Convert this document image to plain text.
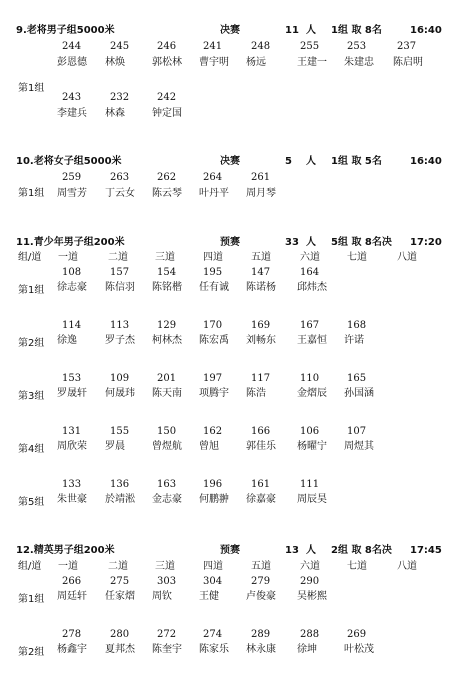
9.老将男子组5000米	决赛	11 人 1组 取 8名	16:40
244	245	246	241	248	255	253	237
彭恩德 林焕	郭松林 曹宇明 杨远	王建一 朱建忠 陈启明
第1组
243	232	242
李建兵 林森	钟定国
10.老将女子组5000米	决赛	5 人 1组 取 5名	16:40
259	263	262	264	261
第1组 周雪芳 丁云女 陈云琴 叶丹平 周月琴
11.青少年男子组200米	预赛	33 人 5组 取 8名决 17:20
组/道 一道	二道	三道	四道	五道	六道	七道	八道
108	157	154	195	147	164
第1组 徐志豪 陈信羽 陈铭楷 任有诚 陈诺杨 邱炜杰
114	113	129	170	169	167	168
第2组 徐逸	罗子杰 柯林杰 陈宏禹 刘畅东 王嘉恒 许诺
153	109	201	197	117	110	165
第3组 罗晟轩 何晟玮 陈天南 项腾宇 陈浩	金熠辰 孙国涵
131	155	150	162	166	106	107
第4组 周欣荣 罗晨	曾煜航 曾旭	郭佳乐 杨曜宁 周煜其
133	136	163	196	161	111
第5组 朱世豪 於靖淞 金志豪 何鹏翀 徐嘉豪 周辰昊
12.精英男子组200米	预赛	13 人 2组 取 8名决 17:45
组/道 一道	二道	三道	四道	五道	六道	七道	八道
266	275	303	304	279	290
第1组 周廷轩 任家熠 周钦	王健	卢俊豪 吴彬熙
278	280	272	274	289	288	269
第2组 杨鑫宇 夏邦杰 陈奎宇 陈家乐 林永康 徐坤	叶松茂
